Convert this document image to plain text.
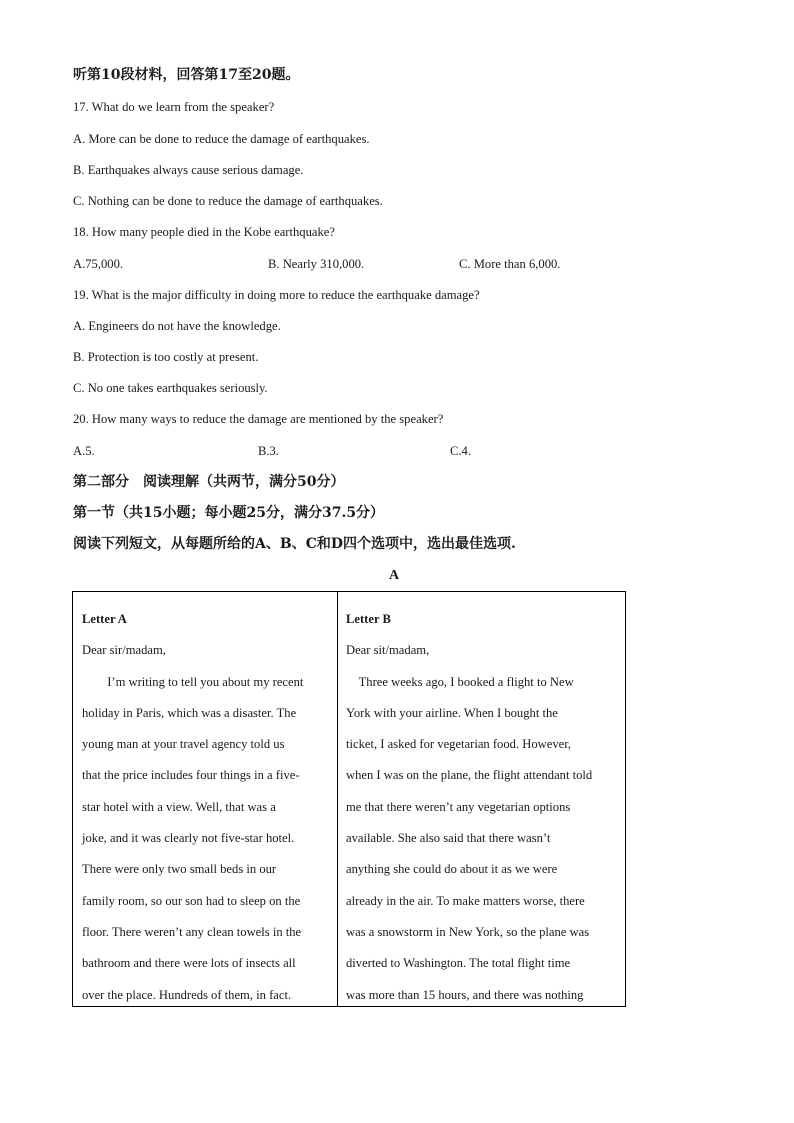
听第10段材料，回答第17至20题。

17. What do we learn from the speaker?

A. More can be done to reduce the damage of earthquakes.

B. Earthquakes always cause serious damage.

C. Nothing can be done to reduce the damage of earthquakes.

18. How many people died in the Kobe earthquake?

A.75,000.	B. Nearly 310,000.	C. More than 6,000.

19. What is the major difficulty in doing more to reduce the earthquake damage?

A. Engineers do not have the knowledge.

B. Protection is too costly at present.

C. No one takes earthquakes seriously.

20. How many ways to reduce the damage are mentioned by the speaker?

A.5.	B.3.	C.4.

第二部分　阅读理解（共两节，满分50分）

第一节（共15小题；每小题25分，满分37.5分）

阅读下列短文，从每题所给的A、B、C和D四个选项中，选出最佳选项.

A

Letter A

Dear sir/madam,

　　I’m writing to tell you about my recent

holiday in Paris, which was a disaster. The

young man at your travel agency told us

that the price includes four things in a five-

star hotel with a view. Well, that was a

joke, and it was clearly not five-star hotel.

There were only two small beds in our

family room, so our son had to sleep on the

floor. There weren’t any clean towels in the

bathroom and there were lots of insects all

over the place. Hundreds of them, in fact.

Letter B

Dear sit/madam,

　Three weeks ago, I booked a flight to New

York with your airline. When I bought the

ticket, I asked for vegetarian food. However,

when I was on the plane, the flight attendant told

me that there weren’t any vegetarian options

available. She also said that there wasn’t

anything she could do about it as we were

already in the air. To make matters worse, there

was a snowstorm in New York, so the plane was

diverted to Washington. The total flight time

was more than 15 hours, and there was nothing
